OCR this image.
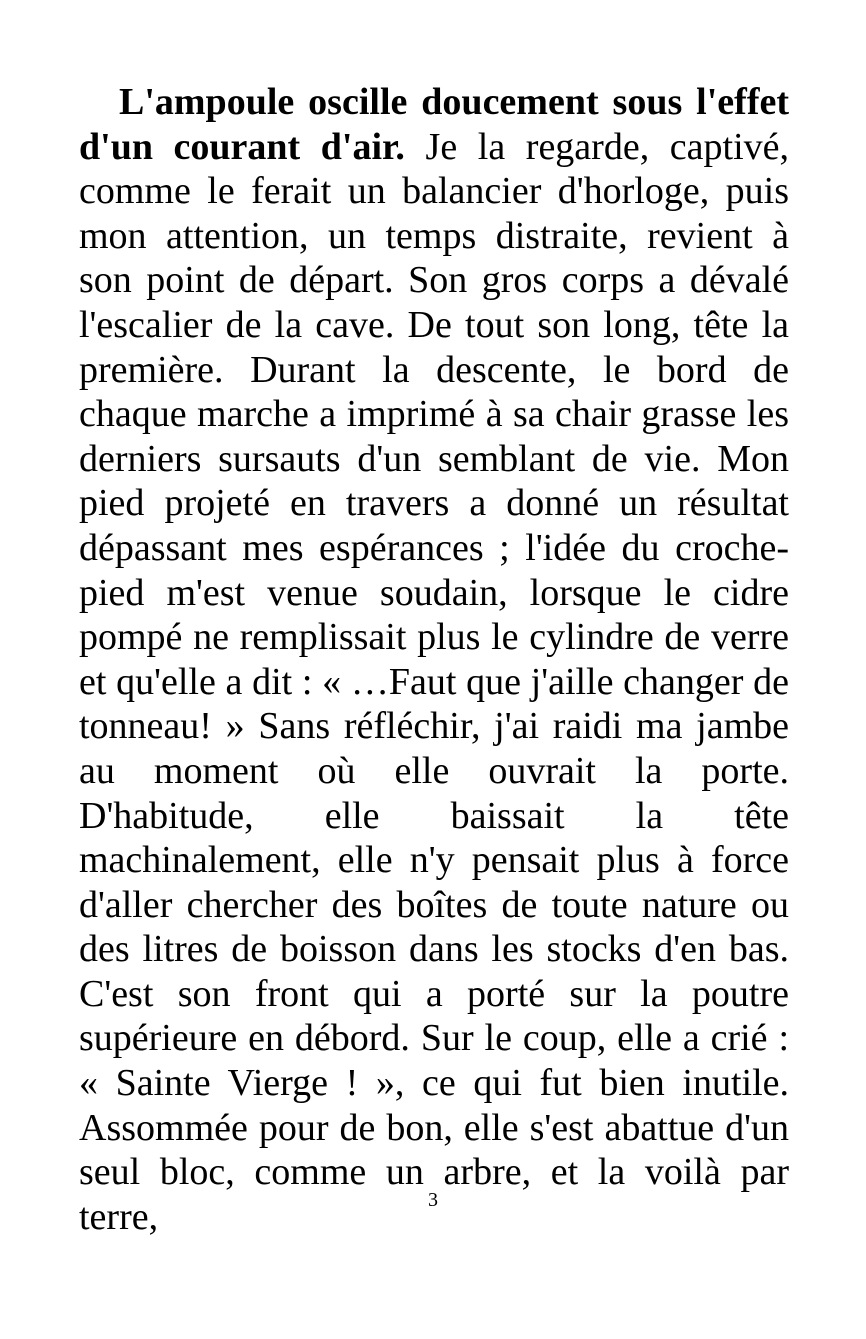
L'ampoule oscille doucement sous l'effet d'un courant d'air. Je la regarde, captivé, comme le ferait un balancier d'horloge, puis mon attention, un temps distraite, revient à son point de départ. Son gros corps a dévalé l'escalier de la cave. De tout son long, tête la première. Durant la descente, le bord de chaque marche a imprimé à sa chair grasse les derniers sursauts d'un semblant de vie. Mon pied projeté en travers a donné un résultat dépassant mes espérances ; l'idée du croche-pied m'est venue soudain, lorsque le cidre pompé ne remplissait plus le cylindre de verre et qu'elle a dit : « …Faut que j'aille changer de tonneau! » Sans réfléchir, j'ai raidi ma jambe au moment où elle ouvrait la porte. D'habitude, elle baissait la tête machinalement, elle n'y pensait plus à force d'aller chercher des boîtes de toute nature ou des litres de boisson dans les stocks d'en bas. C'est son front qui a porté sur la poutre supérieure en débord. Sur le coup, elle a crié : « Sainte Vierge ! », ce qui fut bien inutile. Assommée pour de bon, elle s'est abattue d'un seul bloc, comme un arbre, et la voilà par terre,	3
